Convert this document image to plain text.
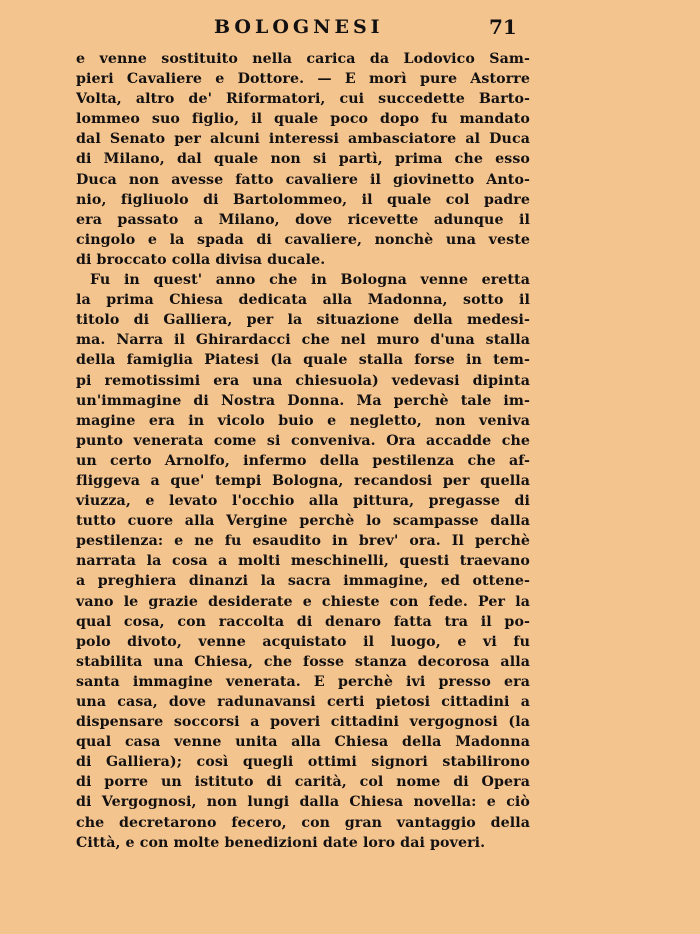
BOLOGNESI	71
e venne sostituito nella carica da Lodovico Sam-
pieri Cavaliere e Dottore. — E morì pure Astorre
Volta, altro de' Riformatori, cui succedette Barto-
lommeo suo figlio, il quale poco dopo fu mandato
dal Senato per alcuni interessi ambasciatore al Duca
di Milano, dal quale non si partì, prima che esso
Duca non avesse fatto cavaliere il giovinetto Anto-
nio, figliuolo di Bartolommeo, il quale col padre
era passato a Milano, dove ricevette adunque il
cingolo e la spada di cavaliere, nonchè una veste
di broccato colla divisa ducale.
Fu in quest' anno che in Bologna venne eretta
la prima Chiesa dedicata alla Madonna, sotto il
titolo di Galliera, per la situazione della medesi-
ma. Narra il Ghirardacci che nel muro d'una stalla
della famiglia Piatesi (la quale stalla forse in tem-
pi remotissimi era una chiesuola) vedevasi dipinta
un'immagine di Nostra Donna. Ma perchè tale im-
magine era in vicolo buio e negletto, non veniva
punto venerata come si conveniva. Ora accadde che
un certo Arnolfo, infermo della pestilenza che af-
fliggeva a que' tempi Bologna, recandosi per quella
viuzza, e levato l'occhio alla pittura, pregasse di
tutto cuore alla Vergine perchè lo scampasse dalla
pestilenza: e ne fu esaudito in brev' ora. Il perchè
narrata la cosa a molti meschinelli, questi traevano
a preghiera dinanzi la sacra immagine, ed ottene-
vano le grazie desiderate e chieste con fede. Per la
qual cosa, con raccolta di denaro fatta tra il po-
polo divoto, venne acquistato il luogo, e vi fu
stabilita una Chiesa, che fosse stanza decorosa alla
santa immagine venerata. E perchè ivi presso era
una casa, dove radunavansi certi pietosi cittadini a
dispensare soccorsi a poveri cittadini vergognosi (la
qual casa venne unita alla Chiesa della Madonna
di Galliera); così quegli ottimi signori stabilirono
di porre un istituto di carità, col nome di Opera
di Vergognosi, non lungi dalla Chiesa novella: e ciò
che decretarono fecero, con gran vantaggio della
Città, e con molte benedizioni date loro dai poveri.
